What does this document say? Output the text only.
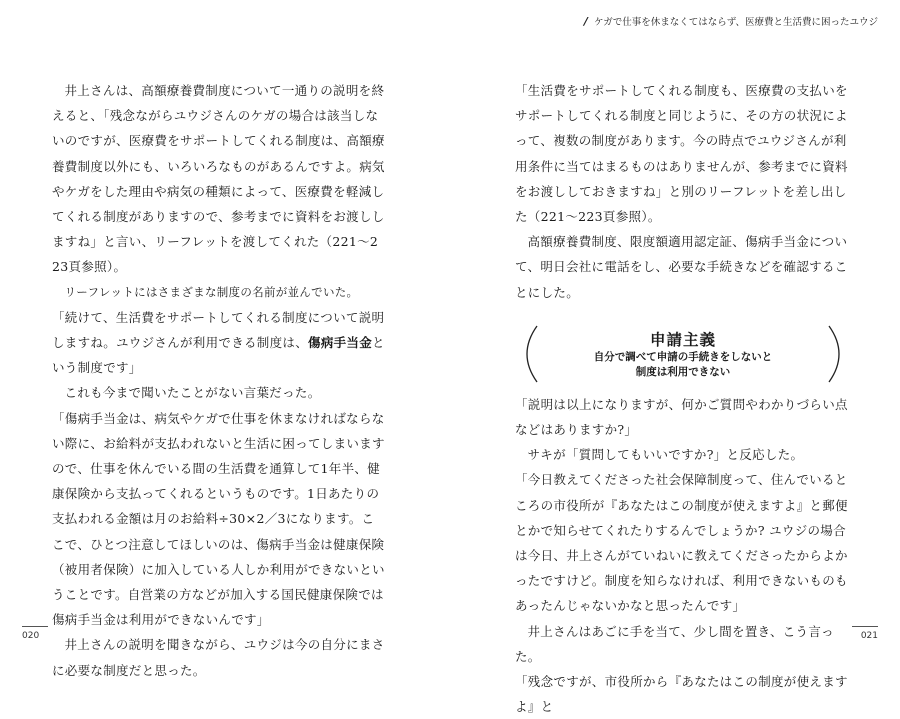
/ ケガで仕事を休まなくてはならず、医療費と生活費に困ったユウジ

井上さんは、高額療養費制度について一通りの説明を終えると、「残念ながらユウジさんのケガの場合は該当しないのですが、医療費をサポートしてくれる制度は、高額療養費制度以外にも、いろいろなものがあるんですよ。病気やケガをした理由や病気の種類によって、医療費を軽減してくれる制度がありますので、参考までに資料をお渡ししますね」と言い、リーフレットを渡してくれた（221〜223頁参照）。

リーフレットにはさまざまな制度の名前が並んでいた。

「続けて、生活費をサポートしてくれる制度について説明しますね。ユウジさんが利用できる制度は、傷病手当金という制度です」

これも今まで聞いたことがない言葉だった。

「傷病手当金は、病気やケガで仕事を休まなければならない際に、お給料が支払われないと生活に困ってしまいますので、仕事を休んでいる間の生活費を通算して1年半、健康保険から支払ってくれるというものです。1日あたりの支払われる金額は月のお給料÷30×2／3になります。ここで、ひとつ注意してほしいのは、傷病手当金は健康保険（被用者保険）に加入している人しか利用ができないということです。自営業の方などが加入する国民健康保険では傷病手当金は利用ができないんです」

井上さんの説明を聞きながら、ユウジは今の自分にまさに必要な制度だと思った。

「生活費をサポートしてくれる制度も、医療費の支払いをサポートしてくれる制度と同じように、その方の状況によって、複数の制度があります。今の時点でユウジさんが利用条件に当てはまるものはありませんが、参考までに資料をお渡ししておきますね」と別のリーフレットを差し出した（221〜223頁参照）。

高額療養費制度、限度額適用認定証、傷病手当金について、明日会社に電話をし、必要な手続きなどを確認することにした。

申請主義
自分で調べて申請の手続きをしないと
制度は利用できない

「説明は以上になりますが、何かご質問やわかりづらい点などはありますか?」

サキが「質問してもいいですか?」と反応した。

「今日教えてくださった社会保障制度って、住んでいるところの市役所が『あなたはこの制度が使えますよ』と郵便とかで知らせてくれたりするんでしょうか? ユウジの場合は今日、井上さんがていねいに教えてくださったからよかったですけど。制度を知らなければ、利用できないものもあったんじゃないかなと思ったんです」

井上さんはあごに手を当て、少し間を置き、こう言った。

「残念ですが、市役所から『あなたはこの制度が使えますよ』と

020	021
